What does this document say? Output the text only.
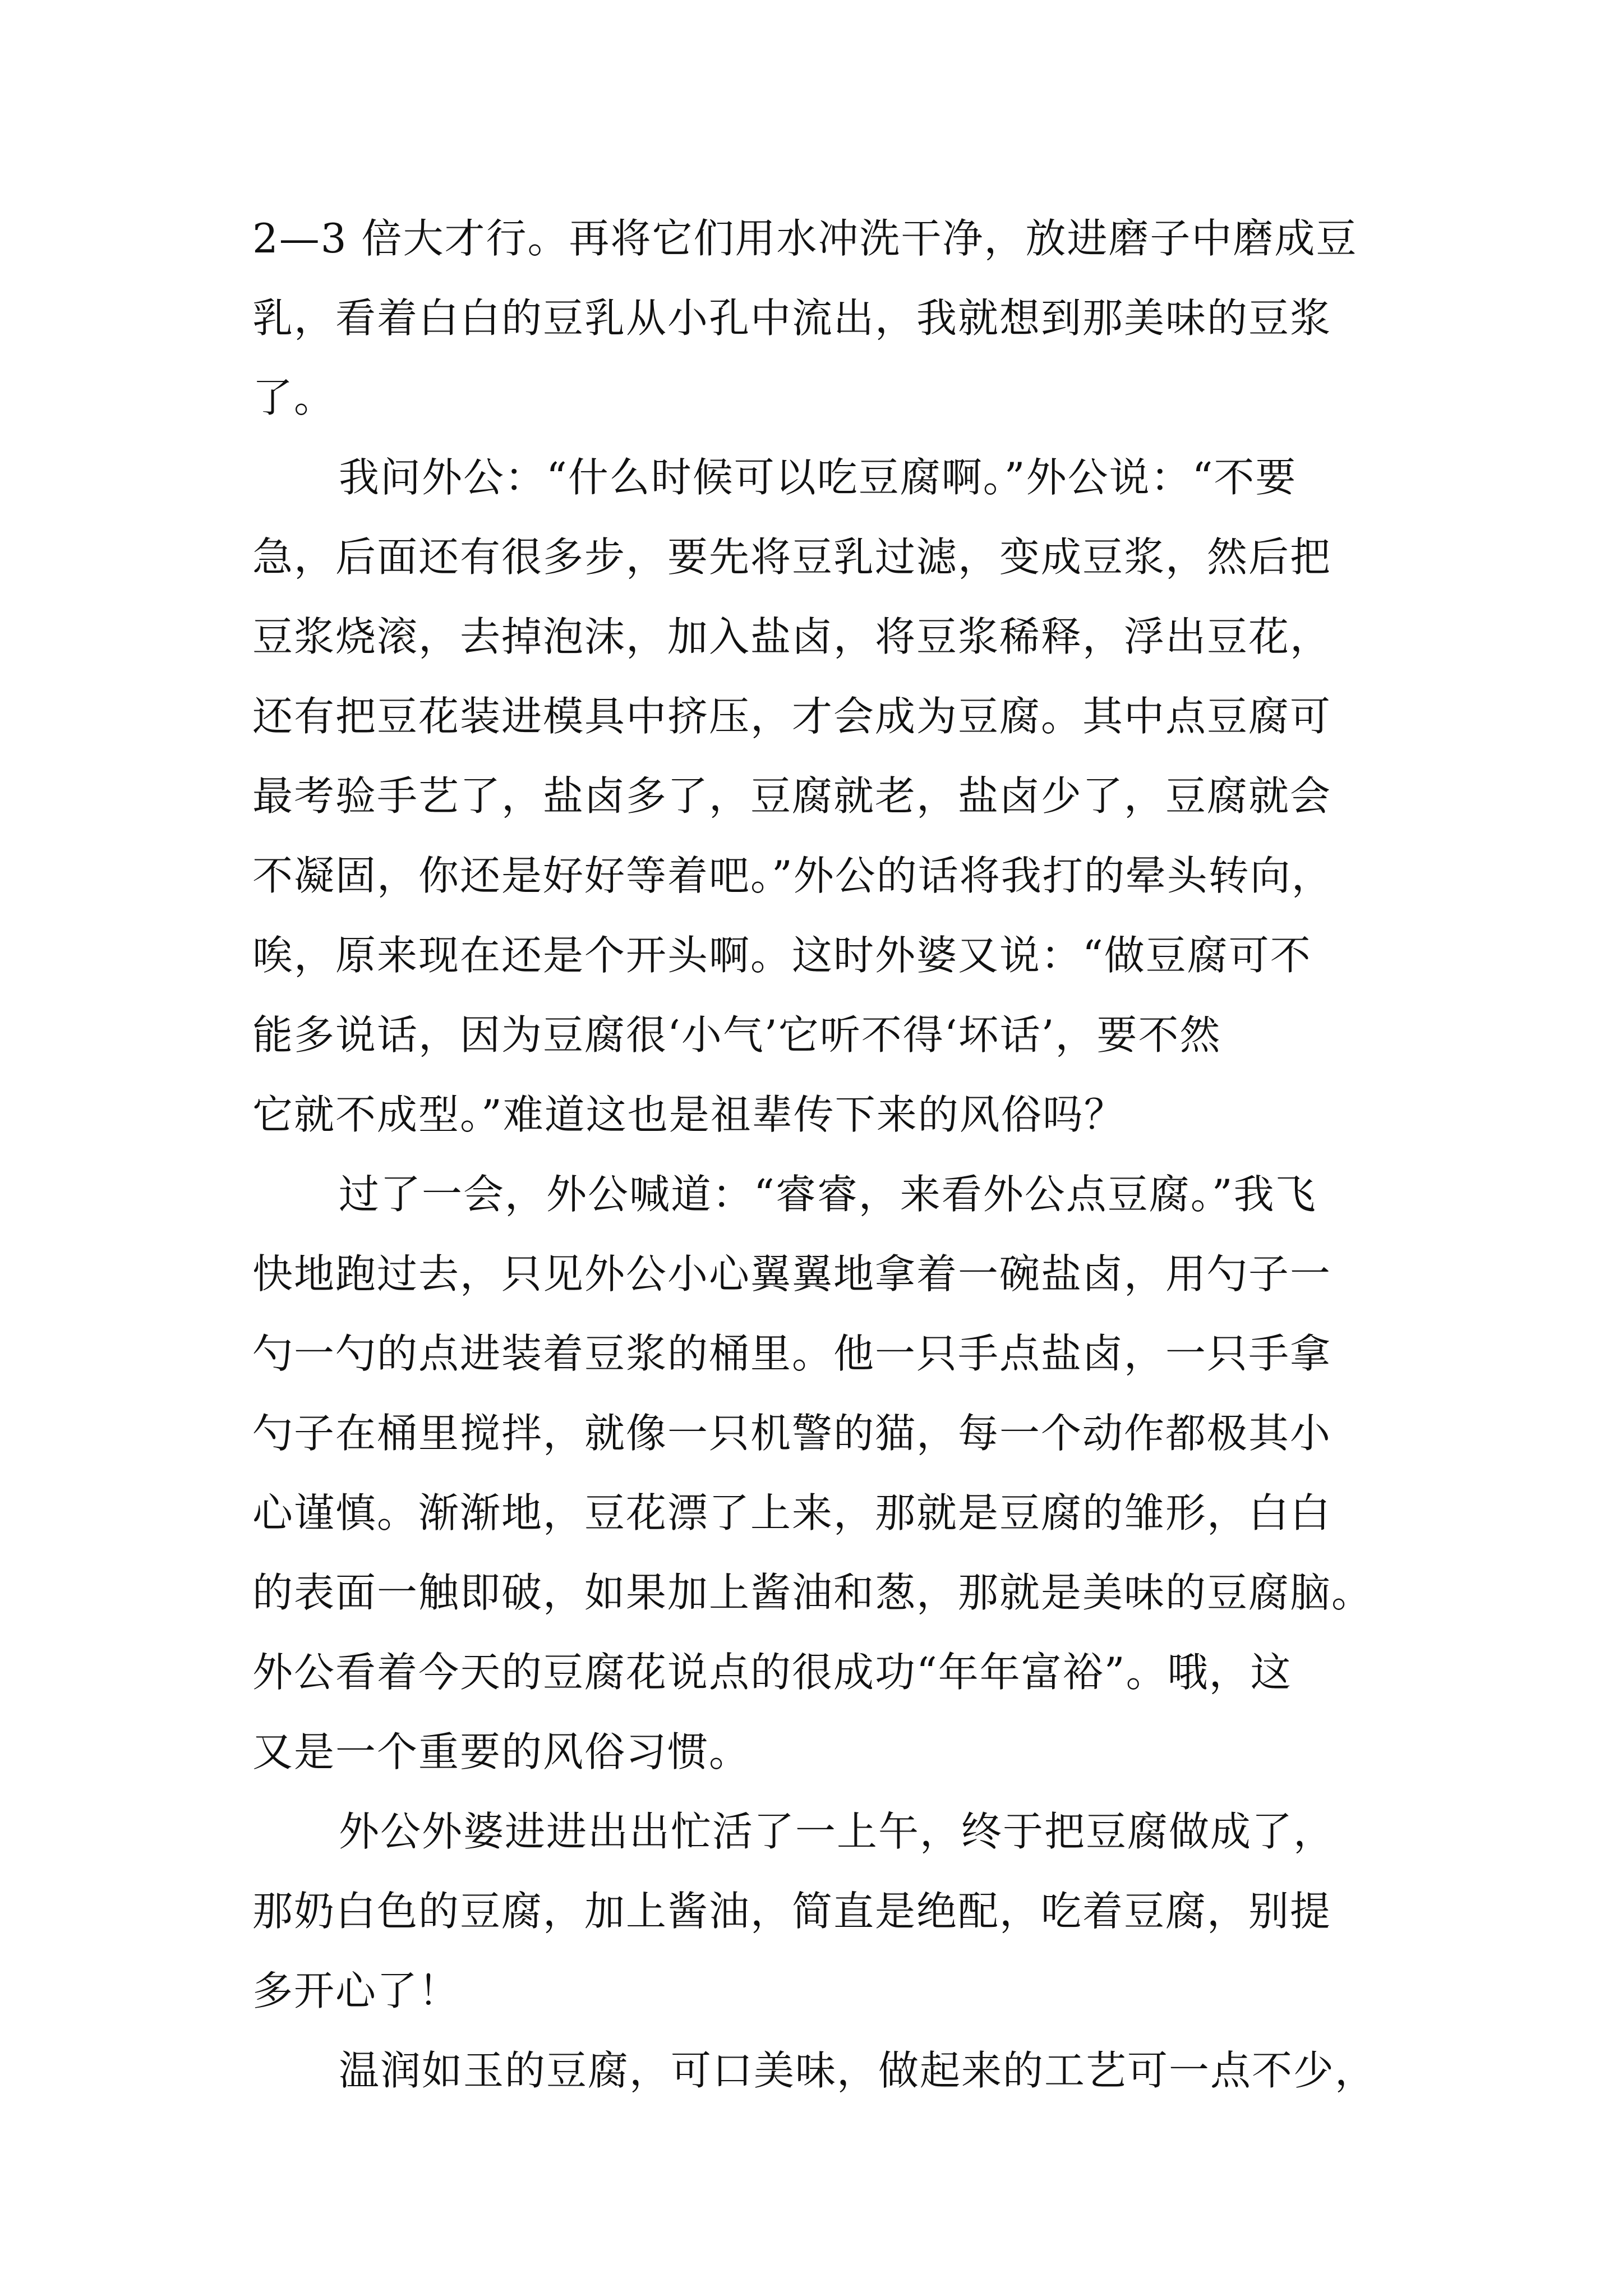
2—3 倍大才行。再将它们用水冲洗干净，放进磨子中磨成豆
乳，看着白白的豆乳从小孔中流出，我就想到那美味的豆浆
了。
我问外公：“什么时候可以吃豆腐啊。”外公说：“不要
急，后面还有很多步，要先将豆乳过滤，变成豆浆，然后把
豆浆烧滚，去掉泡沫，加入盐卤，将豆浆稀释，浮出豆花，
还有把豆花装进模具中挤压，才会成为豆腐。其中点豆腐可
最考验手艺了，盐卤多了，豆腐就老，盐卤少了，豆腐就会
不凝固，你还是好好等着吧。”外公的话将我打的晕头转向，
唉，原来现在还是个开头啊。这时外婆又说：“做豆腐可不
能多说话，因为豆腐很‘小气’它听不得‘坏话’，要不然
它就不成型。”难道这也是祖辈传下来的风俗吗？
过了一会，外公喊道：“睿睿，来看外公点豆腐。”我飞
快地跑过去，只见外公小心翼翼地拿着一碗盐卤，用勺子一
勺一勺的点进装着豆浆的桶里。他一只手点盐卤，一只手拿
勺子在桶里搅拌，就像一只机警的猫，每一个动作都极其小
心谨慎。渐渐地，豆花漂了上来，那就是豆腐的雏形，白白
的表面一触即破，如果加上酱油和葱，那就是美味的豆腐脑。
外公看着今天的豆腐花说点的很成功“年年富裕”。哦，这
又是一个重要的风俗习惯。
外公外婆进进出出忙活了一上午，终于把豆腐做成了，
那奶白色的豆腐，加上酱油，简直是绝配，吃着豆腐，别提
多开心了！
温润如玉的豆腐，可口美味，做起来的工艺可一点不少，
